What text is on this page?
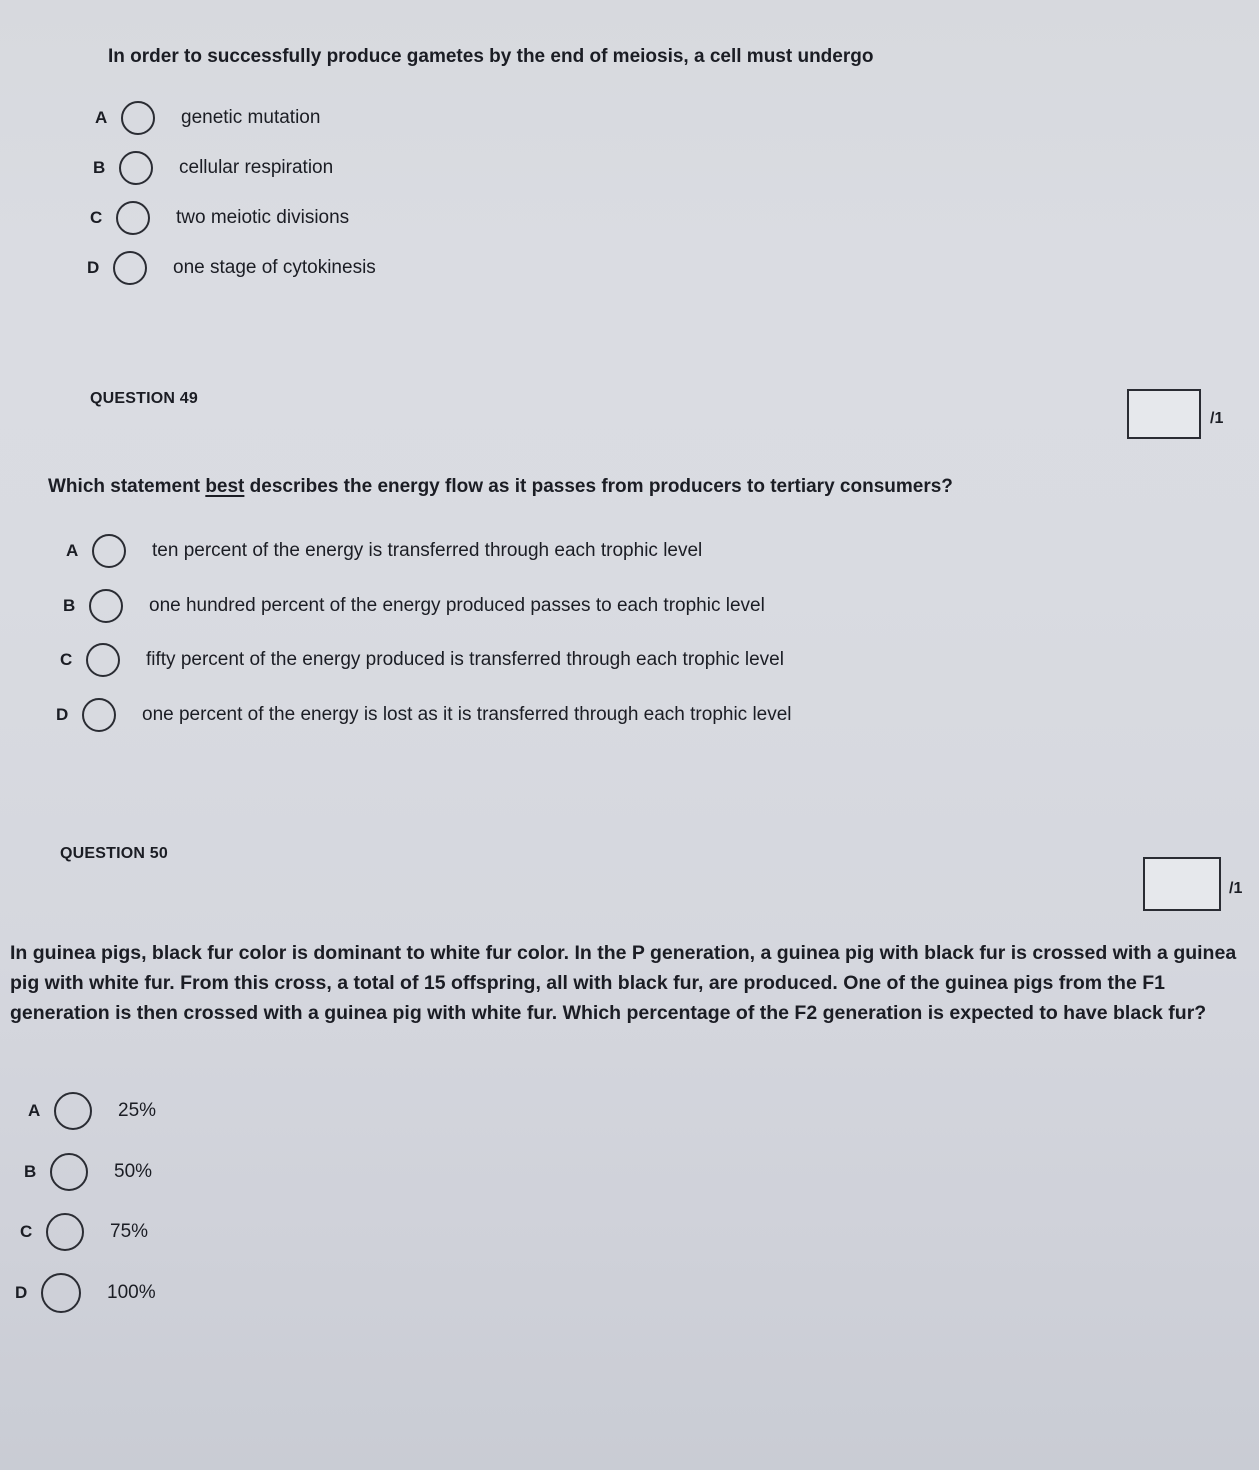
In order to successfully produce gametes by the end of meiosis, a cell must undergo

A	genetic mutation
B	cellular respiration
C	two meiotic divisions
D	one stage of cytokinesis

QUESTION 49

/1

Which statement best describes the energy flow as it passes from producers to tertiary consumers?

A	ten percent of the energy is transferred through each trophic level
B	one hundred percent of the energy produced passes to each trophic level
C	fifty percent of the energy produced is transferred through each trophic level
D	one percent of the energy is lost as it is transferred through each trophic level

QUESTION 50

/1

In guinea pigs, black fur color is dominant to white fur color. In the P generation, a guinea pig with black fur is crossed with a guinea pig with white fur. From this cross, a total of 15 offspring, all with black fur, are produced. One of the guinea pigs from the F1 generation is then crossed with a guinea pig with white fur. Which percentage of the F2 generation is expected to have black fur?

A	25%
B	50%
C	75%
D	100%
